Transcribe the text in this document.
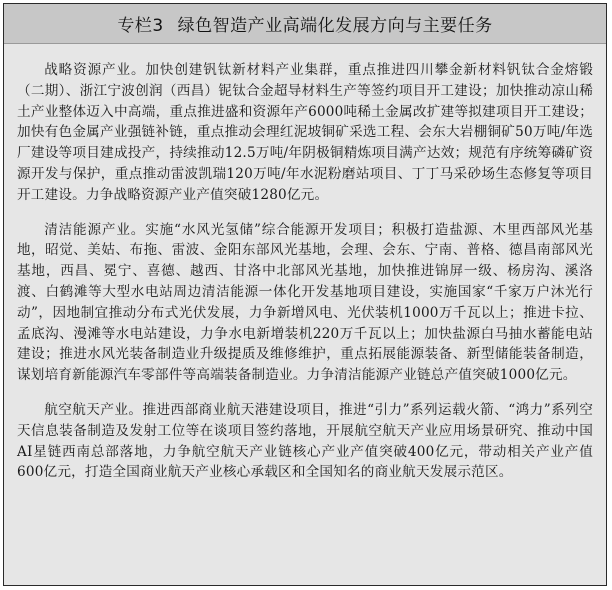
专栏3 绿色智造产业高端化发展方向与主要任务

战略资源产业。加快创建钒钛新材料产业集群，重点推进四川攀金新材料钒钛合金熔锻（二期）、浙江宁波创润（西昌）铌钛合金超导材料生产等签约项目开工建设；加快推动凉山稀土产业整体迈入中高端，重点推进盛和资源年产6000吨稀土金属改扩建等拟建项目开工建设；加快有色金属产业强链补链，重点推动会理红泥坡铜矿采选工程、会东大岩棚铜矿50万吨/年选厂建设等项目建成投产，持续推动12.5万吨/年阴极铜精炼项目满产达效；规范有序统筹磷矿资源开发与保护，重点推动雷波凯瑞120万吨/年水泥粉磨站项目、丁丁马采砂场生态修复等项目开工建设。力争战略资源产业产值突破1280亿元。

清洁能源产业。实施“水风光氢储”综合能源开发项目；积极打造盐源、木里西部风光基地，昭觉、美姑、布拖、雷波、金阳东部风光基地，会理、会东、宁南、普格、德昌南部风光基地，西昌、冕宁、喜德、越西、甘洛中北部风光基地，加快推进锦屏一级、杨房沟、溪洛渡、白鹤滩等大型水电站周边清洁能源一体化开发基地项目建设，实施国家“千家万户沐光行动”，因地制宜推动分布式光伏发展，力争新增风电、光伏装机1000万千瓦以上；推进卡拉、孟底沟、漫滩等水电站建设，力争水电新增装机220万千瓦以上；加快盐源白马抽水蓄能电站建设；推进水风光装备制造业升级提质及维修维护，重点拓展能源装备、新型储能装备制造，谋划培育新能源汽车零部件等高端装备制造业。力争清洁能源产业链总产值突破1000亿元。

航空航天产业。推进西部商业航天港建设项目，推进“引力”系列运载火箭、“鸿力”系列空天信息装备制造及发射工位等在谈项目签约落地，开展航空航天产业应用场景研究、推动中国AI星链西南总部落地，力争航空航天产业链核心产业产值突破400亿元，带动相关产业产值600亿元，打造全国商业航天产业核心承载区和全国知名的商业航天发展示范区。
